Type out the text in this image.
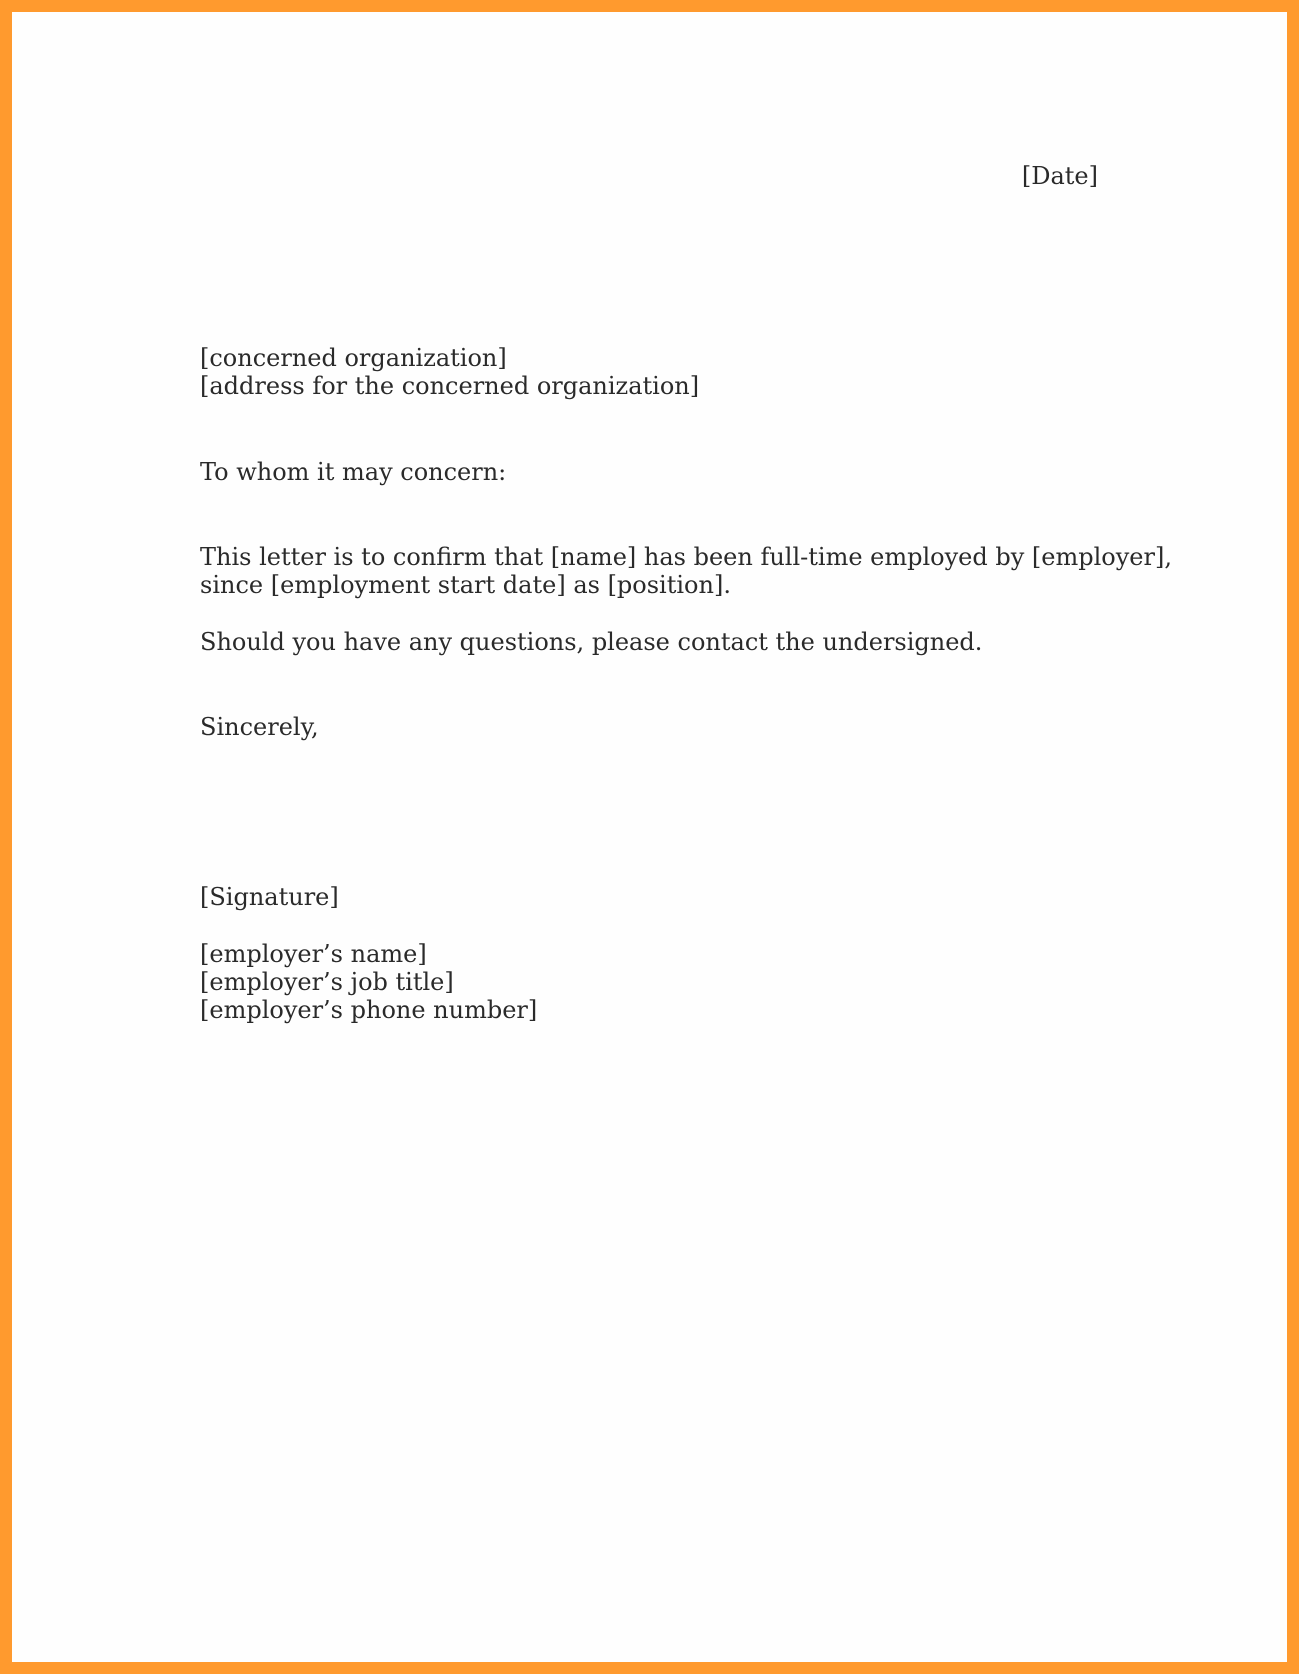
[Date]
[concerned organization]
[address for the concerned organization]
To whom it may concern:
This letter is to confirm that [name] has been full-time employed by [employer],
since [employment start date] as [position].
Should you have any questions, please contact the undersigned.
Sincerely,
[Signature]
[employer’s name]
[employer’s job title]
[employer’s phone number]
